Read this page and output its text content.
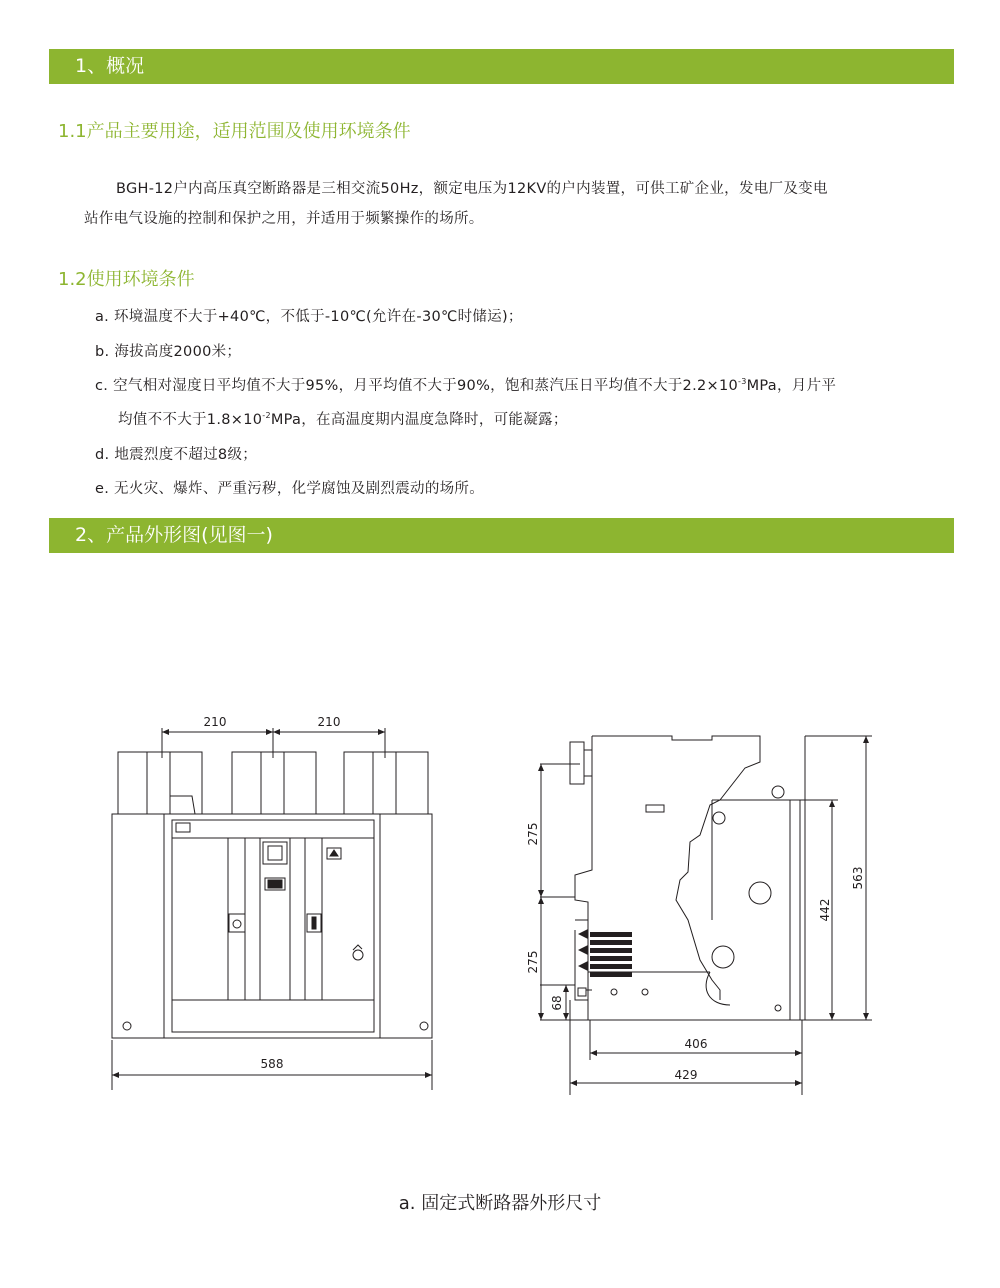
1、概况
1.1产品主要用途，适用范围及使用环境条件
BGH-12户内高压真空断路器是三相交流50Hz，额定电压为12KV的户内装置，可供工矿企业，发电厂及变电
站作电气设施的控制和保护之用，并适用于频繁操作的场所。
1.2使用环境条件
a. 环境温度不大于+40℃，不低于-10℃(允许在-30℃时储运)；
b. 海拔高度2000米；
c. 空气相对湿度日平均值不大于95%，月平均值不大于90%，饱和蒸汽压日平均值不大于$2.2\times 10^{-3}MPa$，月片平
均值不不大于$1.8\times 10^{-2}MPa$，在高温度期内温度急降时，可能凝露；
d. 地震烈度不超过8级；
e. 无火灾、爆炸、严重污秽，化学腐蚀及剧烈震动的场所。
2、产品外形图(见图一)
210	210
588
275
275
68
442
563
406
429
a. 固定式断路器外形尺寸
